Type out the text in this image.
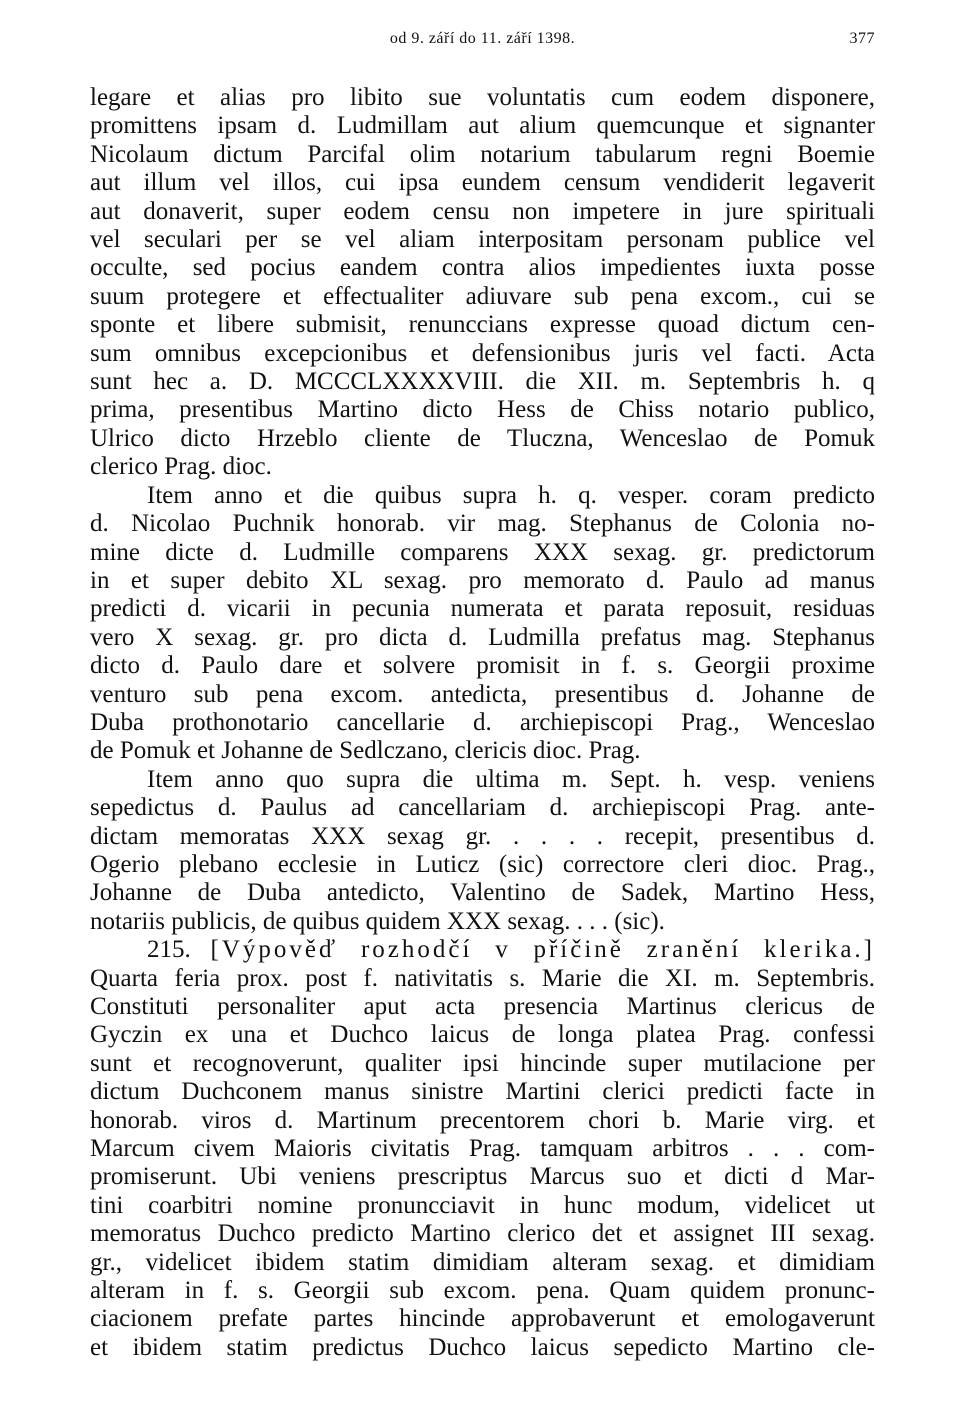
od 9. září do 11. září 1398.	377
legare et alias pro libito sue voluntatis cum eodem disponere,
promittens ipsam d. Ludmillam aut alium quemcunque et signanter
Nicolaum dictum Parcifal olim notarium tabularum regni Boemie
aut illum vel illos, cui ipsa eundem censum vendiderit legaverit
aut donaverit, super eodem censu non impetere in jure spirituali
vel seculari per se vel aliam interpositam personam publice vel
occulte, sed pocius eandem contra alios impedientes iuxta posse
suum protegere et effectualiter adiuvare sub pena excom., cui se
sponte et libere submisit, renunccians expresse quoad dictum cen-
sum omnibus excepcionibus et defensionibus juris vel facti. Acta
sunt hec a. D. MCCCLXXXXVIII. die XII. m. Septembris h. q
prima, presentibus Martino dicto Hess de Chiss notario publico,
Ulrico dicto Hrzeblo cliente de Tluczna, Wenceslao de Pomuk
clerico Prag. dioc.
Item anno et die quibus supra h. q. vesper. coram predicto
d. Nicolao Puchnik honorab. vir mag. Stephanus de Colonia no-
mine dicte d. Ludmille comparens XXX sexag. gr. predictorum
in et super debito XL sexag. pro memorato d. Paulo ad manus
predicti d. vicarii in pecunia numerata et parata reposuit, residuas
vero X sexag. gr. pro dicta d. Ludmilla prefatus mag. Stephanus
dicto d. Paulo dare et solvere promisit in f. s. Georgii proxime
venturo sub pena excom. antedicta, presentibus d. Johanne de
Duba prothonotario cancellarie d. archiepiscopi Prag., Wenceslao
de Pomuk et Johanne de Sedlczano, clericis dioc. Prag.
Item anno quo supra die ultima m. Sept. h. vesp. veniens
sepedictus d. Paulus ad cancellariam d. archiepiscopi Prag. ante-
dictam memoratas XXX sexag gr. . . . . recepit, presentibus d.
Ogerio plebano ecclesie in Luticz (sic) correctore cleri dioc. Prag.,
Johanne de Duba antedicto, Valentino de Sadek, Martino Hess,
notariis publicis, de quibus quidem XXX sexag. . . . (sic).
215. [Výpověď rozhodčí v příčině zranění klerika.]
Quarta feria prox. post f. nativitatis s. Marie die XI. m. Septembris.
Constituti personaliter aput acta presencia Martinus clericus de
Gyczin ex una et Duchco laicus de longa platea Prag. confessi
sunt et recognoverunt, qualiter ipsi hincinde super mutilacione per
dictum Duchconem manus sinistre Martini clerici predicti facte in
honorab. viros d. Martinum precentorem chori b. Marie virg. et
Marcum civem Maioris civitatis Prag. tamquam arbitros . . . com-
promiserunt. Ubi veniens prescriptus Marcus suo et dicti d Mar-
tini coarbitri nomine pronuncciavit in hunc modum, videlicet ut
memoratus Duchco predicto Martino clerico det et assignet III sexag.
gr., videlicet ibidem statim dimidiam alteram sexag. et dimidiam
alteram in f. s. Georgii sub excom. pena. Quam quidem pronunc-
ciacionem prefate partes hincinde approbaverunt et emologaverunt
et ibidem statim predictus Duchco laicus sepedicto Martino cle-
